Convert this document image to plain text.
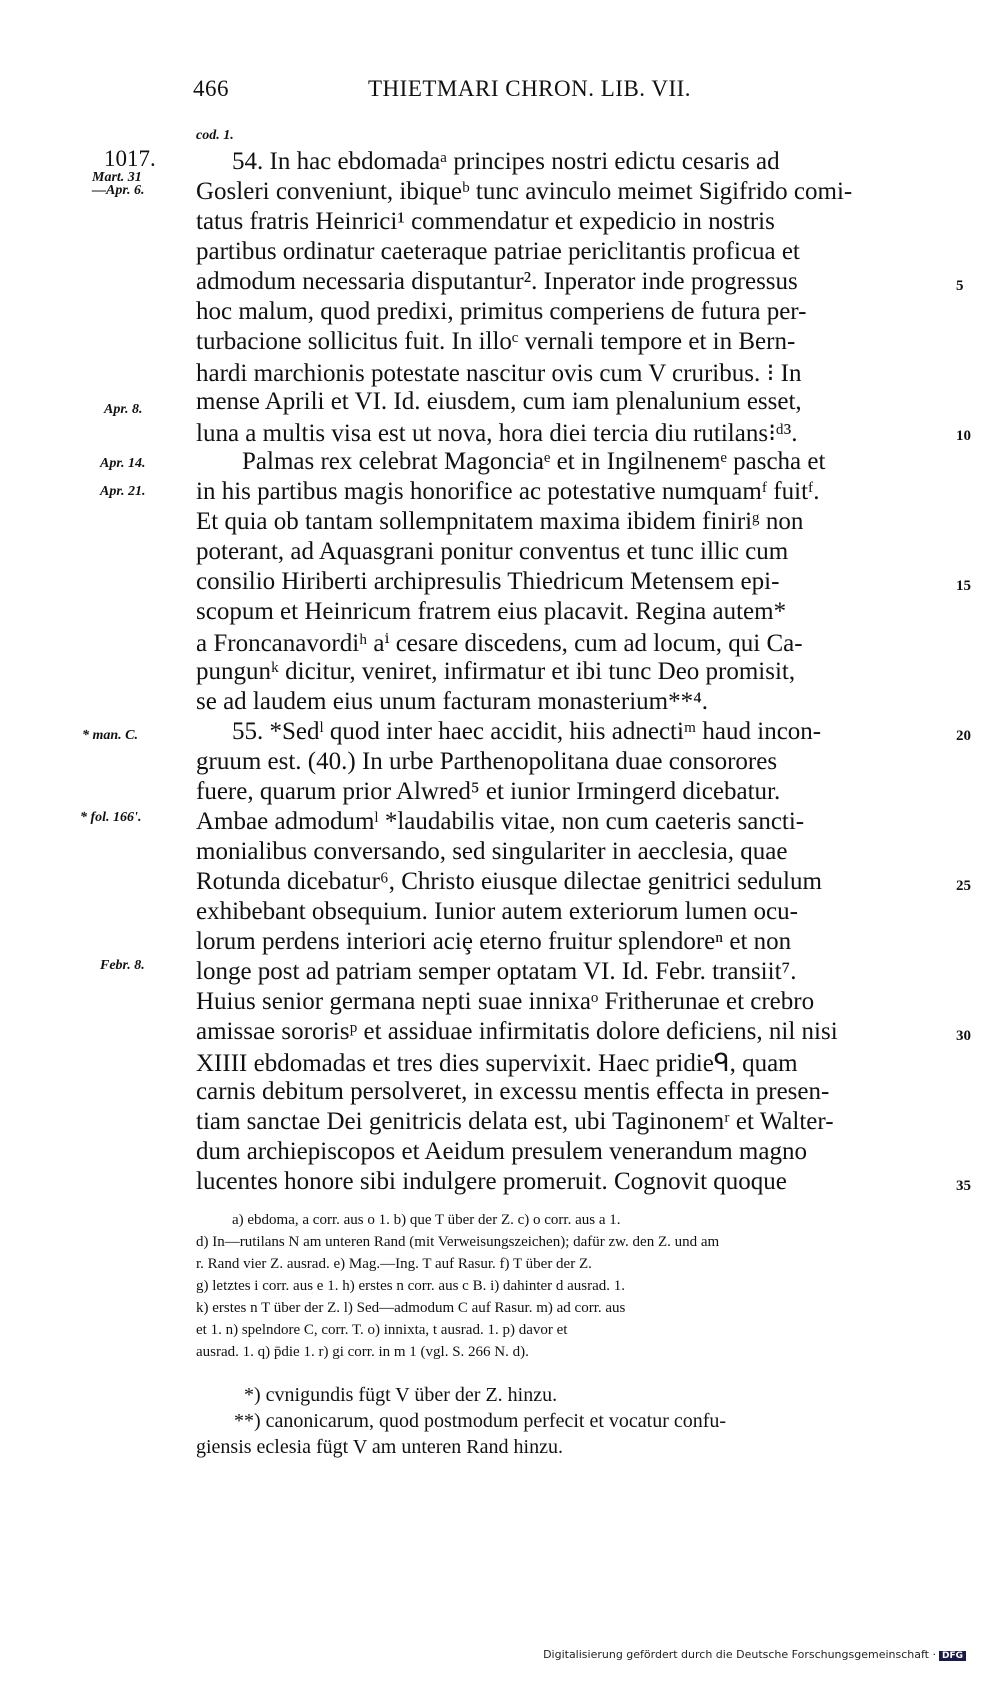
466	THIETMARI CHRON. LIB. VII.
cod. 1.
1017.
Mart. 31
—Apr. 6.
Apr. 8.
Apr. 14.
Apr. 21.
* man. C.
* fol. 166'.
Febr. 8.
54. In hac ebdomadaᵃ principes nostri edictu cesaris ad
Gosleri conveniunt, ibiqueᵇ tunc avinculo meimet Sigifrido comi-
tatus fratris Heinrici¹ commendatur et expedicio in nostris
partibus ordinatur caeteraque patriae periclitantis proficua et
admodum necessaria disputantur². Inperator inde progressus
hoc malum, quod predixi, primitus comperiens de futura per-
turbacione sollicitus fuit. In illoᶜ vernali tempore et in Bern-
hardi marchionis potestate nascitur ovis cum V cruribus. ⁝ In
mense Aprili et VI. Id. eiusdem, cum iam plenalunium esset,
luna a multis visa est ut nova, hora diei tercia diu rutilans⁝ᵈ³.
Palmas rex celebrat Magonciaᵉ et in Ingilnenemᵉ pascha et
in his partibus magis honorifice ac potestative numquamᶠ fuitᶠ.
Et quia ob tantam sollempnitatem maxima ibidem finiriᵍ non
poterant, ad Aquasgrani ponitur conventus et tunc illic cum
consilio Hiriberti archipresulis Thiedricum Metensem epi-
scopum et Heinricum fratrem eius placavit. Regina autem*
a Froncanavordiʰ aⁱ cesare discedens, cum ad locum, qui Ca-
pungunᵏ dicitur, veniret, infirmatur et ibi tunc Deo promisit,
se ad laudem eius unum facturam monasterium**⁴.
55. *Sedˡ quod inter haec accidit, hiis adnectiᵐ haud incon-
gruum est. (40.) In urbe Parthenopolitana duae consorores
fuere, quarum prior Alwred⁵ et iunior Irmingerd dicebatur.
Ambae admodumˡ *laudabilis vitae, non cum caeteris sancti-
monialibus conversando, sed singulariter in aecclesia, quae
Rotunda dicebatur⁶, Christo eiusque dilectae genitrici sedulum
exhibebant obsequium. Iunior autem exteriorum lumen ocu-
lorum perdens interiori aciȩ eterno fruitur splendoreⁿ et non
longe post ad patriam semper optatam VI. Id. Febr. transiit⁷.
Huius senior germana nepti suae innixaᵒ Fritherunae et crebro
amissae sororisᵖ et assiduae infirmitatis dolore deficiens, nil nisi
XIIII ebdomadas et tres dies supervixit. Haec pridieᑫ, quam
carnis debitum persolveret, in excessu mentis effecta in presen-
tiam sanctae Dei genitricis delata est, ubi Taginonemʳ et Walter-
dum archiepiscopos et Aeidum presulem venerandum magno
lucentes honore sibi indulgere promeruit. Cognovit quoque
5
10
15
20
25
30
35
a) ebdoma, a corr. aus o 1. b) que T über der Z. c) o corr. aus a 1.
d) In—rutilans N am unteren Rand (mit Verweisungszeichen); dafür zw. den Z. und am
r. Rand vier Z. ausrad. e) Mag.—Ing. T auf Rasur. f) T über der Z.
g) letztes i corr. aus e 1. h) erstes n corr. aus c B. i) dahinter d ausrad. 1.
k) erstes n T über der Z. l) Sed—admodum C auf Rasur. m) ad corr. aus
et 1. n) spelndore C, corr. T. o) innixta, t ausrad. 1. p) davor et
ausrad. 1. q) p̄die 1. r) gi corr. in m 1 (vgl. S. 266 N. d).
*) cvnigundis fügt V über der Z. hinzu.
**) canonicarum, quod postmodum perfecit et vocatur confu-
giensis eclesia fügt V am unteren Rand hinzu.
Digitalisierung gefördert durch die Deutsche Forschungsgemeinschaft · DFG
